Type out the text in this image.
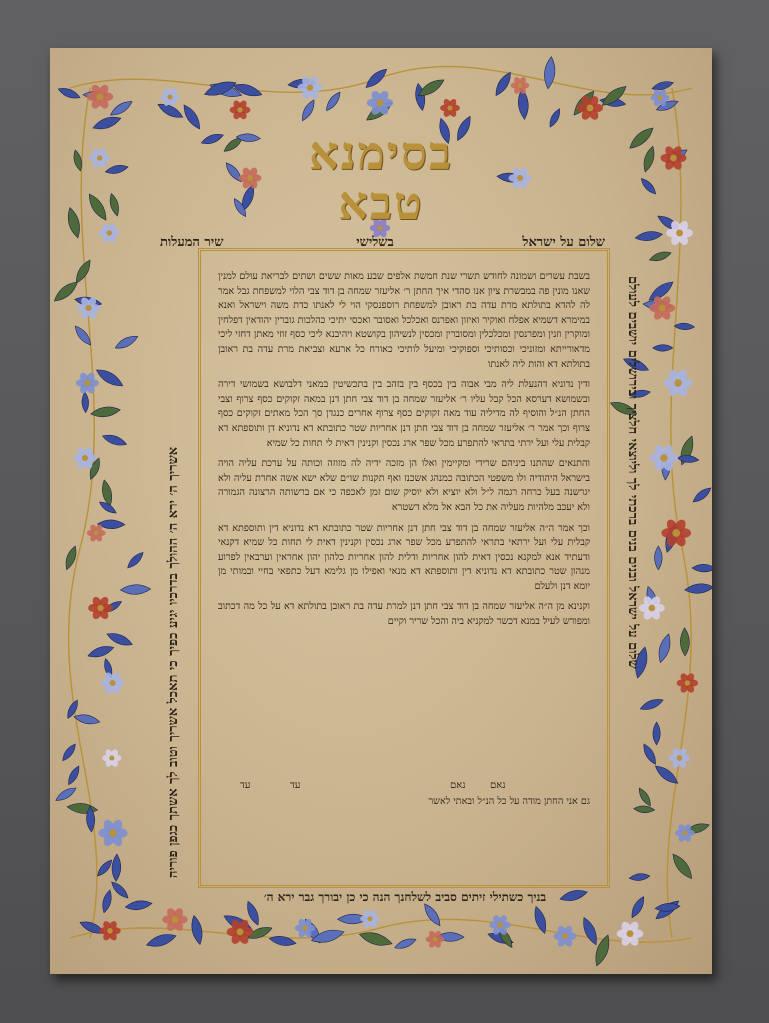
בסימנא
טבא
שלום על ישראל
בשלישי
שיר המעלות

בשבת עשרים ושמונה לחודש תשרי שנת חמשת אלפים שבע מאות ששים ושתים לבריאת עולם למנין שאנו מונין פה במבשרת ציון אנו סהדי איך החתן ר׳ אליעזר שמחה בן דוד צבי הלוי למשפחת גבל אמר לה להדא בתולתא מרת עדה בת ראובן למשפחת רוספנסקי הוי לי לאנתו כדת משה וישראל ואנא במימרא דשמיא אפלח ואוקיר ואיזון ואפרנס ואכלכל ואסובר ואכסי יתיכי כהלכות גוברין יהודאין דפלחין ומוקרין וזנין ומפרנסין ומכלכלין ומסוברין ומכסין לנשיהון בקושטא ויהיבנא ליכי כסף זוזי מאתן דחזי ליכי מדאורייתא ומזוניכי וכסותיכי וספוקיכי ומיעל לותיכי כאורח כל ארעא וצביאת מרת עדה בת ראובן בתולתא דא והות ליה לאנתו

ודין נדוניא דהנעלת ליה מבי אבוה בין בכסף בין בזהב בין בתכשיטין במאני דלבושא בשמושי דירה ובשמושא דערסא הכל קבל עליו ר׳ אליעזר שמחה בן דוד צבי חתן דנן במאה זקוקים כסף צרוף וצבי החתן הנ״ל והוסיף לה מדיליה עוד מאה זקוקים כסף צרוף אחרים כנגדן סך הכל מאתים זקוקים כסף צרוף וכך אמר ר׳ אליעזר שמחה בן דוד צבי חתן דנן אחריות שטר כתובתא דא נדוניא דן ותוספתא דא קבלית עלי ועל ירתי בתראי להתפרע מכל שפר ארג נכסין וקנינין דאית לי תחות כל שמיא

והתנאים שהתנו ביניהם שרידי ומקיימין ואלו הן מזכה ידיה לה מזוזה וכותה על ערכת עליה הויה בישראל היהודיה ולו משפטי הכתובה כמנהג אשכנז ואף תקנות שו״ם שלא ישא אשה אחרת עליה ולא יגרשנה בעל כרחה רגמה ל״ל ולא יוציא ולא יוסיק שום זמן לאכפה כי אם ברשותה הרצונה הגמורה ולא יעכב מלהיות מעליה את כל הבא אל מלא דשטרא

וכך אמר ה״ה אליעזר שמחה בן דוד צבי חתן דנן אחריות שטר כתובתא דא נדוניא דין ותוספתא דא קבלית עלי ועל ירתאי בתראי להתפרע מכל שפר ארג נכסין וקנינין דאית לי תחות כל שמיא דקנאי ודעתיד אנא למקנא נכסין דאית להון אחריות ודלית להון אחריות כלהון יהון אחראין וערבאין לפרוע מנהון שטר כתובתא דא נדוניא דין ותוספתא דא מנאי ואפילו מן גלימא דעל כתפאי בחיי ובמותי מן יומא דנן ולעלם

וקנינא מן ה״ה אליעזר שמחה בן דוד צבי חתן דנן למרת עדה בת ראובן בתולתא דא על כל מה דכתוב ומפורש לעיל במנא דכשר למקניא ביה והכל שריר וקיים

עד	נאם
עד	נאם
גם אני החתן מודה על כל הנ״ל ובאתי לאשר
שלום על ישראל ובנים בנים ברכתי לך וליוצאי חלציך ובירושלים יושבים לעולם
אשריך ה׳ ירא ה׳ ההולך בדרכיו יגיע כפיך כי תאכל אשריך וטוב לך אשתך כגפן פוריה
בניך כשתילי זיתים סביב לשלחנך הנה כי כן יבורך גבר ירא ה׳
